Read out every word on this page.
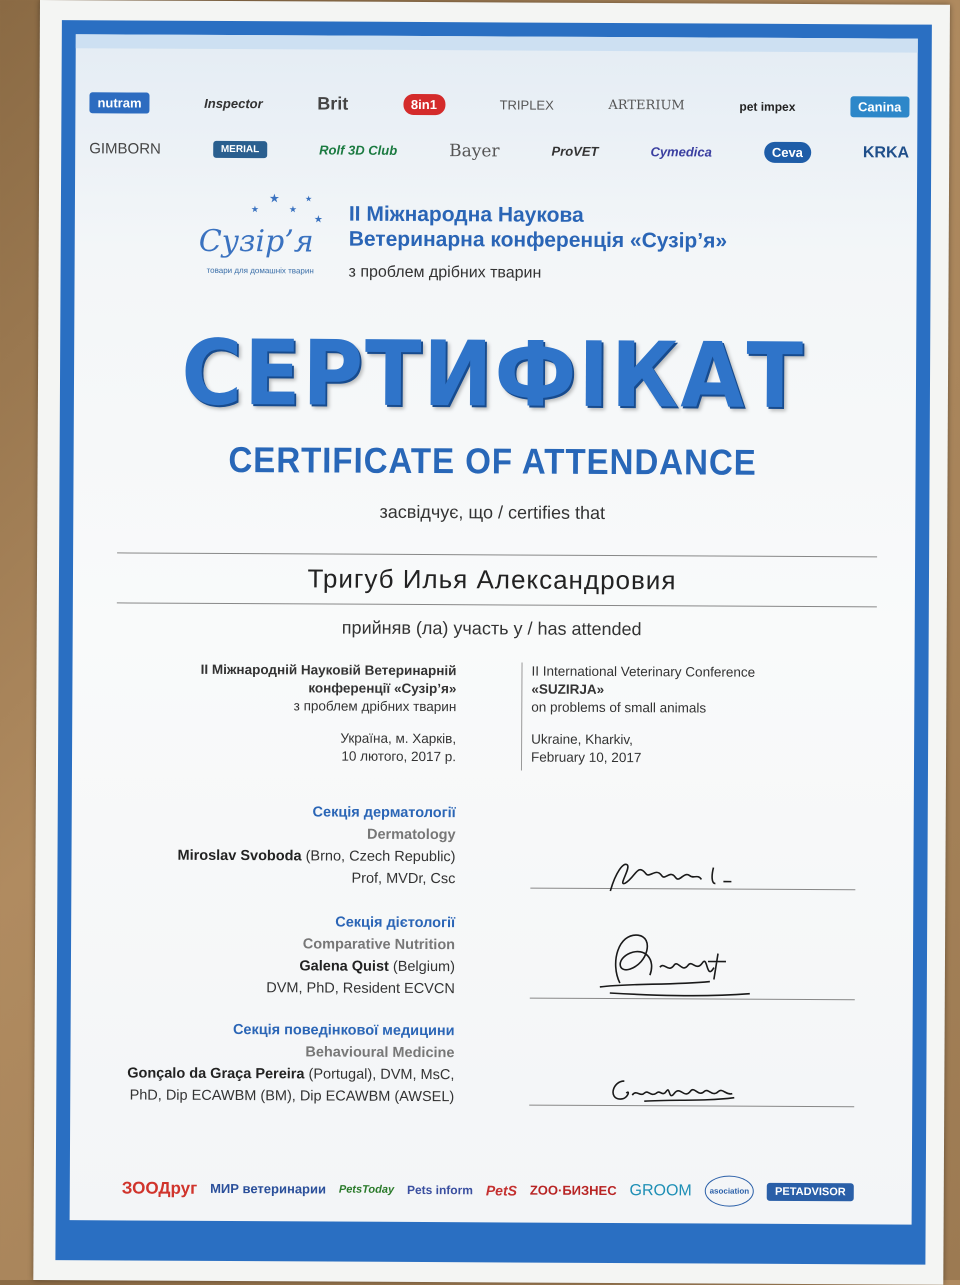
nutram	Inspector	Brit	8in1	TRIPLEX	ARTERIUM	pet impex	Canina
GIMBORN	MERIAL	Rolf 3D Club	Bayer	ProVET	Cymedica	Ceva	KRKA
★
★
★
★
★
Сузір’я
товари для домашніх тварин
ІІ Міжнародна Наукова
Ветеринарна конференція «Сузір’я»
з проблем дрібних тварин
СЕРТИФІКАТ
CERTIFICATE OF ATTENDANCE
засвідчує, що / certifies that
Тригуб Илья Александровия
прийняв (ла) участь у / has attended
ІІ Міжнародній Науковій Ветеринарній
конференції «Сузір’я»
з проблем дрібних тварин
II International Veterinary Conference
«SUZIRJA»
on problems of small animals
Україна, м. Харків,
10 лютого, 2017 р.
Ukraine, Kharkiv,
February 10, 2017
Секція дерматології
Dermatology
Miroslav Svoboda (Brno, Czech Republic)
Prof, MVDr, Csc
Секція дієтології
Comparative Nutrition
Galena Quist (Belgium)
DVM, PhD, Resident ECVCN
Секція поведінкової медицини
Behavioural Medicine
Gonçalo da Graça Pereira (Portugal), DVM, MsC,
PhD, Dip ECAWBM (BM), Dip ECAWBM (AWSEL)
ЗООДруг МИР ветеринарии PetsToday Pets inform PetS ZOO·БИЗНЕС GROOM	asociation	PETADVISOR
